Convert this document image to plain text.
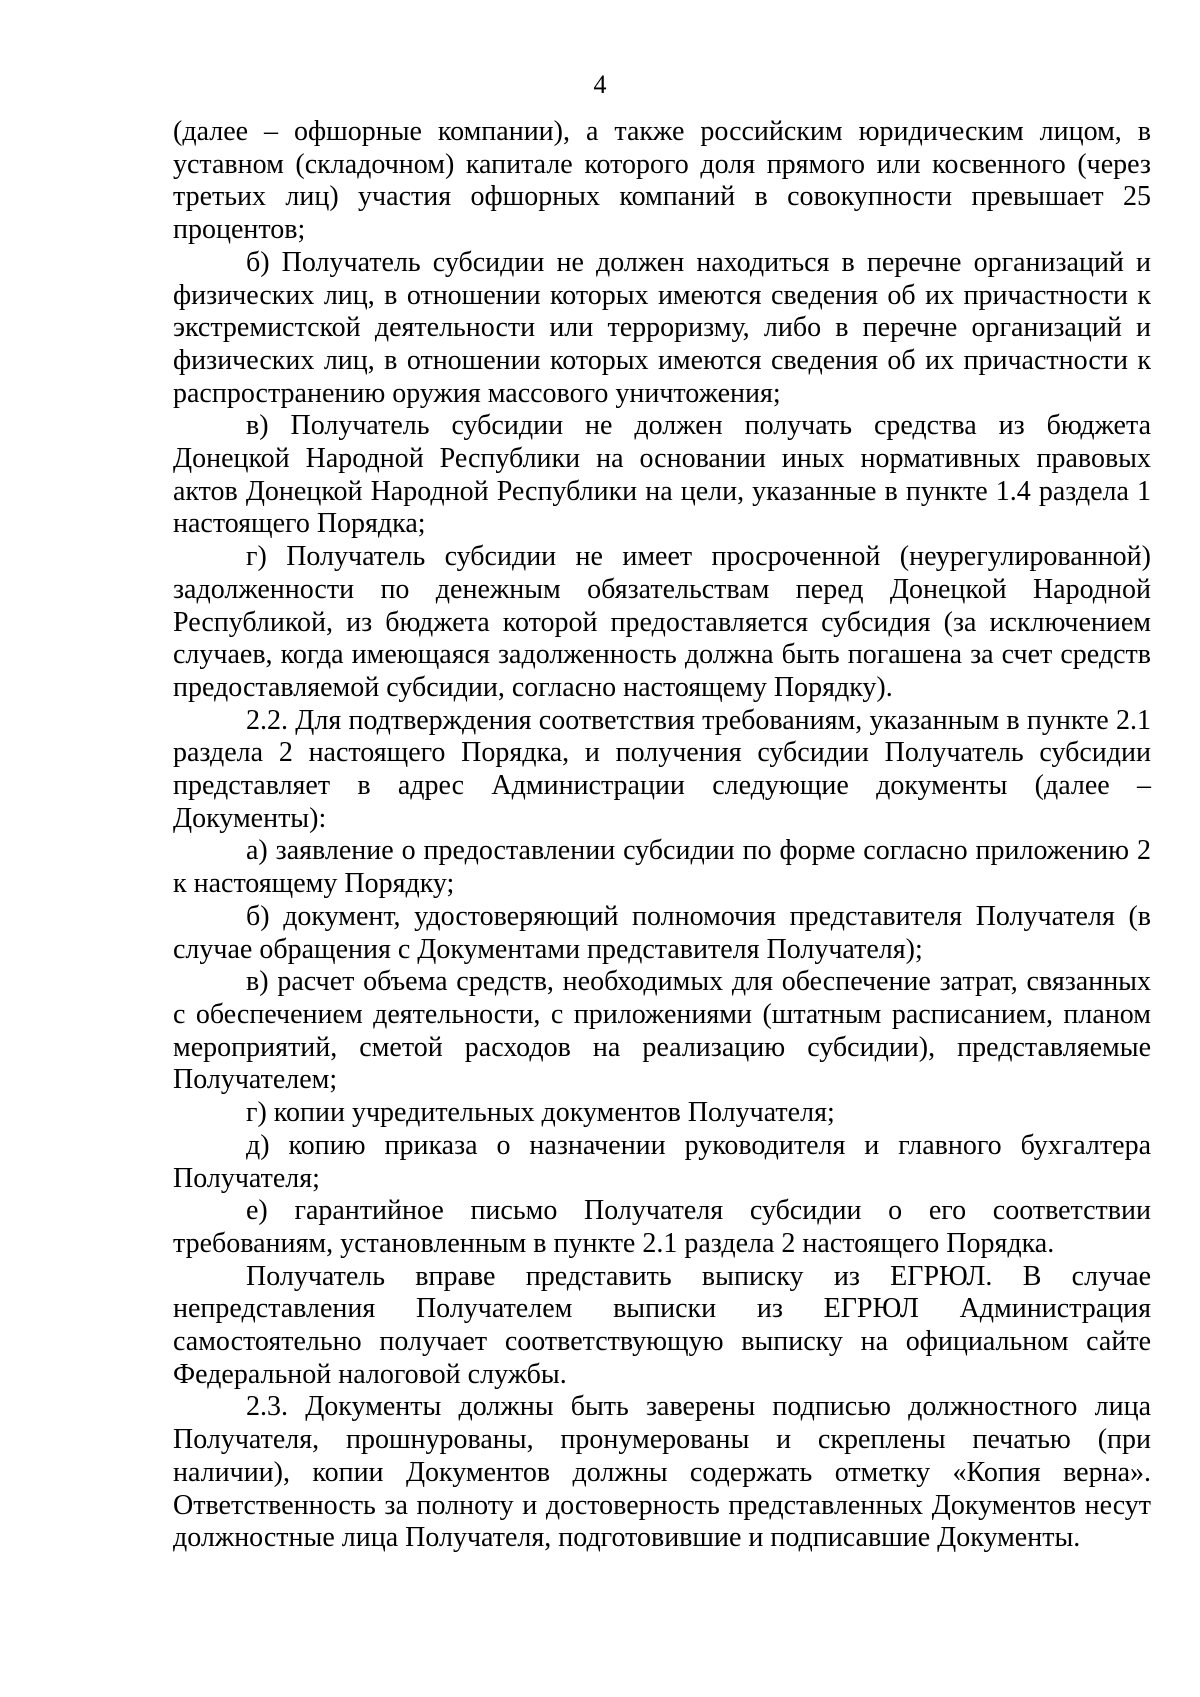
4

(далее – офшорные компании), а также российским юридическим лицом, в уставном (складочном) капитале которого доля прямого или косвенного (через третьих лиц) участия офшорных компаний в совокупности превышает 25 процентов;

б) Получатель субсидии не должен находиться в перечне организаций и физических лиц, в отношении которых имеются сведения об их причастности к экстремистской деятельности или терроризму, либо в перечне организаций и физических лиц, в отношении которых имеются сведения об их причастности к распространению оружия массового уничтожения;

в) Получатель субсидии не должен получать средства из бюджета Донецкой Народной Республики на основании иных нормативных правовых актов Донецкой Народной Республики на цели, указанные в пункте 1.4 раздела 1 настоящего Порядка;

г) Получатель субсидии не имеет просроченной (неурегулированной) задолженности по денежным обязательствам перед Донецкой Народной Республикой, из бюджета которой предоставляется субсидия (за исключением случаев, когда имеющаяся задолженность должна быть погашена за счет средств предоставляемой субсидии, согласно настоящему Порядку).

2.2. Для подтверждения соответствия требованиям, указанным в пункте 2.1 раздела 2 настоящего Порядка, и получения субсидии Получатель субсидии представляет в адрес Администрации следующие документы (далее – Документы):

а) заявление о предоставлении субсидии по форме согласно приложению 2 к настоящему Порядку;

б) документ, удостоверяющий полномочия представителя Получателя (в случае обращения с Документами представителя Получателя);

в) расчет объема средств, необходимых для обеспечение затрат, связанных с обеспечением деятельности, с приложениями (штатным расписанием, планом мероприятий, сметой расходов на реализацию субсидии), представляемые Получателем;

г) копии учредительных документов Получателя;

д) копию приказа о назначении руководителя и главного бухгалтера Получателя;

е) гарантийное письмо Получателя субсидии о его соответствии требованиям, установленным в пункте 2.1 раздела 2 настоящего Порядка.

Получатель вправе представить выписку из ЕГРЮЛ. В случае непредставления Получателем выписки из ЕГРЮЛ Администрация самостоятельно получает соответствующую выписку на официальном сайте Федеральной налоговой службы.

2.3. Документы должны быть заверены подписью должностного лица Получателя, прошнурованы, пронумерованы и скреплены печатью (при наличии), копии Документов должны содержать отметку «Копия верна». Ответственность за полноту и достоверность представленных Документов несут должностные лица Получателя, подготовившие и подписавшие Документы.
